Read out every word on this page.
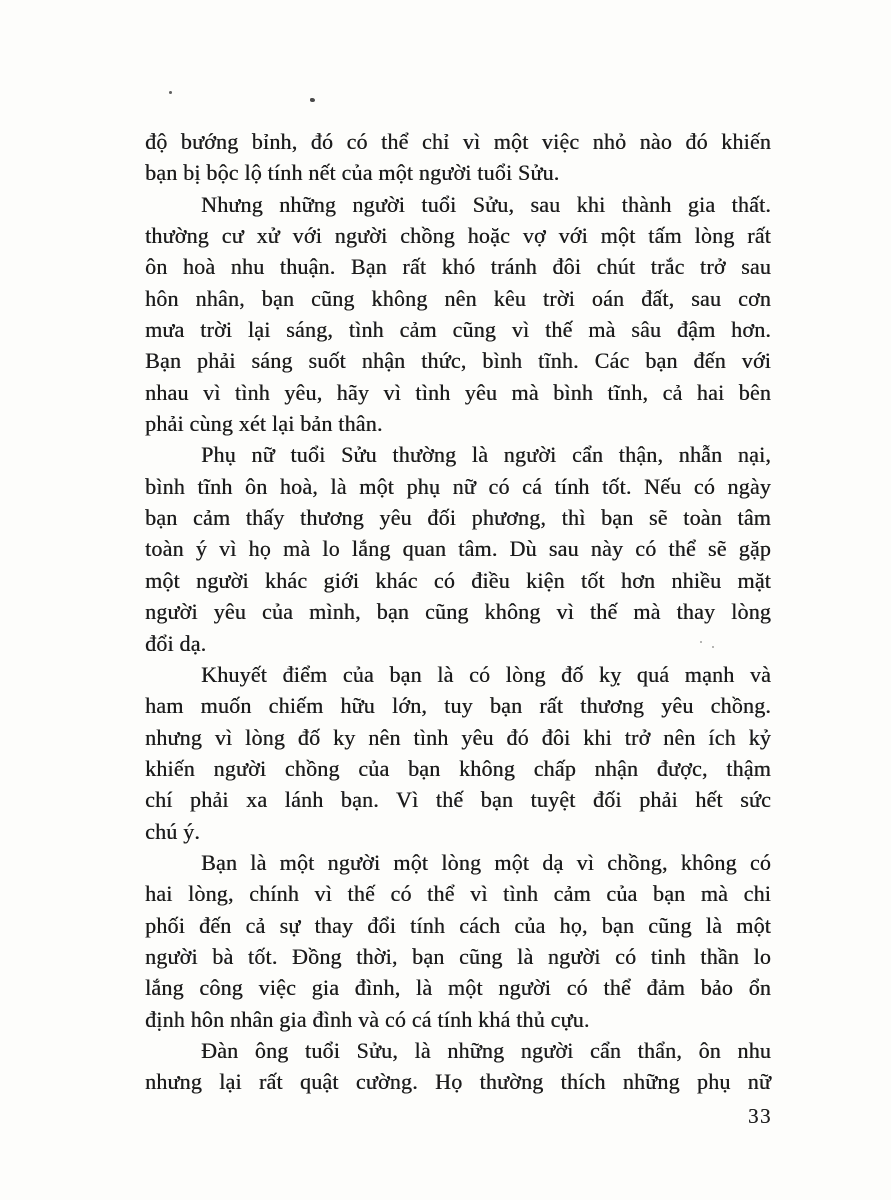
độ bướng bỉnh, đó có thể chỉ vì một việc nhỏ nào đó khiến
bạn bị bộc lộ tính nết của một người tuổi Sửu.
Nhưng những người tuổi Sửu, sau khi thành gia thất.
thường cư xử với người chồng hoặc vợ với một tấm lòng rất
ôn hoà nhu thuận. Bạn rất khó tránh đôi chút trắc trở sau
hôn nhân, bạn cũng không nên kêu trời oán đất, sau cơn
mưa trời lại sáng, tình cảm cũng vì thế mà sâu đậm hơn.
Bạn phải sáng suốt nhận thức, bình tĩnh. Các bạn đến với
nhau vì tình yêu, hãy vì tình yêu mà bình tĩnh, cả hai bên
phải cùng xét lại bản thân.
Phụ nữ tuổi Sửu thường là người cẩn thận, nhẫn nại,
bình tĩnh ôn hoà, là một phụ nữ có cá tính tốt. Nếu có ngày
bạn cảm thấy thương yêu đối phương, thì bạn sẽ toàn tâm
toàn ý vì họ mà lo lắng quan tâm. Dù sau này có thể sẽ gặp
một người khác giới khác có điều kiện tốt hơn nhiều mặt
người yêu của mình, bạn cũng không vì thế mà thay lòng
đổi dạ.
Khuyết điểm của bạn là có lòng đố kỵ quá mạnh và
ham muốn chiếm hữu lớn, tuy bạn rất thương yêu chồng.
nhưng vì lòng đố ky nên tình yêu đó đôi khi trở nên ích kỷ
khiến người chồng của bạn không chấp nhận được, thậm
chí phải xa lánh bạn. Vì thế bạn tuyệt đối phải hết sức
chú ý.
Bạn là một người một lòng một dạ vì chồng, không có
hai lòng, chính vì thế có thể vì tình cảm của bạn mà chi
phối đến cả sự thay đổi tính cách của họ, bạn cũng là một
người bà tốt. Đồng thời, bạn cũng là người có tinh thần lo
lắng công việc gia đình, là một người có thể đảm bảo ổn
định hôn nhân gia đình và có cá tính khá thủ cựu.
Đàn ông tuổi Sửu, là những người cẩn thẩn, ôn nhu
nhưng lại rất quật cường. Họ thường thích những phụ nữ
33
